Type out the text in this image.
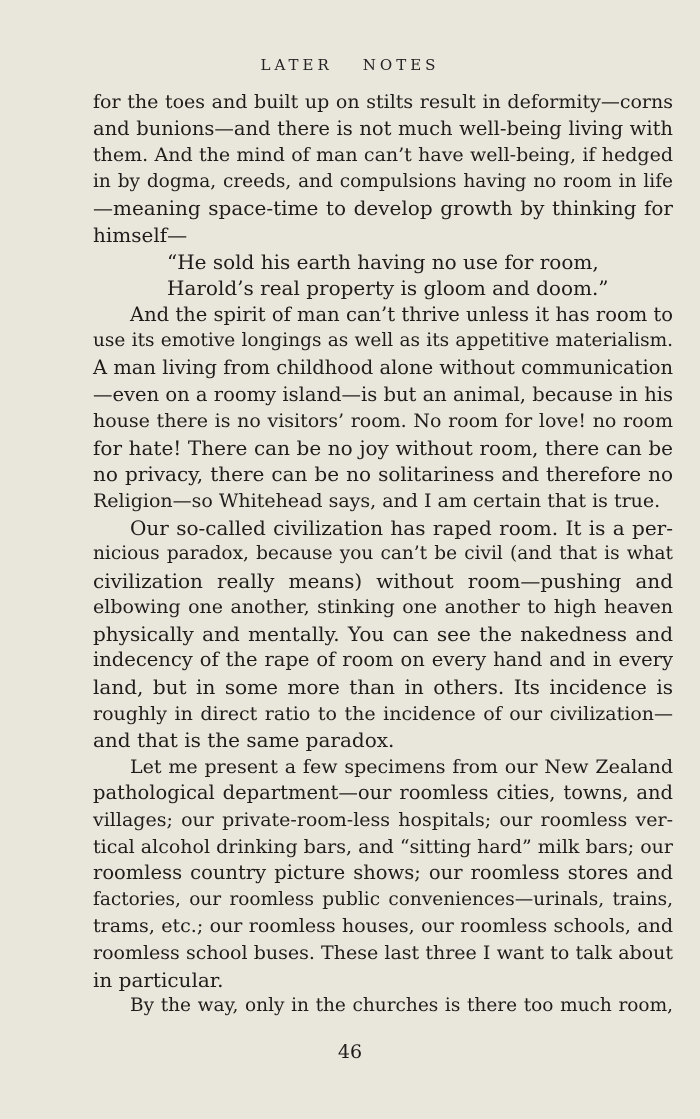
LATER NOTES
for the toes and built up on stilts result in deformity—corns
and bunions—and there is not much well-being living with
them. And the mind of man can’t have well-being, if hedged
in by dogma, creeds, and compulsions having no room in life
—meaning space-time to develop growth by thinking for
himself—
“He sold his earth having no use for room,
Harold’s real property is gloom and doom.”
And the spirit of man can’t thrive unless it has room to
use its emotive longings as well as its appetitive materialism.
A man living from childhood alone without communication
—even on a roomy island—is but an animal, because in his
house there is no visitors’ room. No room for love! no room
for hate! There can be no joy without room, there can be
no privacy, there can be no solitariness and therefore no
Religion—so Whitehead says, and I am certain that is true.
Our so-called civilization has raped room. It is a per-
nicious paradox, because you can’t be civil (and that is what
civilization really means) without room—pushing and
elbowing one another, stinking one another to high heaven
physically and mentally. You can see the nakedness and
indecency of the rape of room on every hand and in every
land, but in some more than in others. Its incidence is
roughly in direct ratio to the incidence of our civilization—
and that is the same paradox.
Let me present a few specimens from our New Zealand
pathological department—our roomless cities, towns, and
villages; our private-room-less hospitals; our roomless ver-
tical alcohol drinking bars, and “sitting hard” milk bars; our
roomless country picture shows; our roomless stores and
factories, our roomless public conveniences—urinals, trains,
trams, etc.; our roomless houses, our roomless schools, and
roomless school buses. These last three I want to talk about
in particular.
By the way, only in the churches is there too much room,
46
